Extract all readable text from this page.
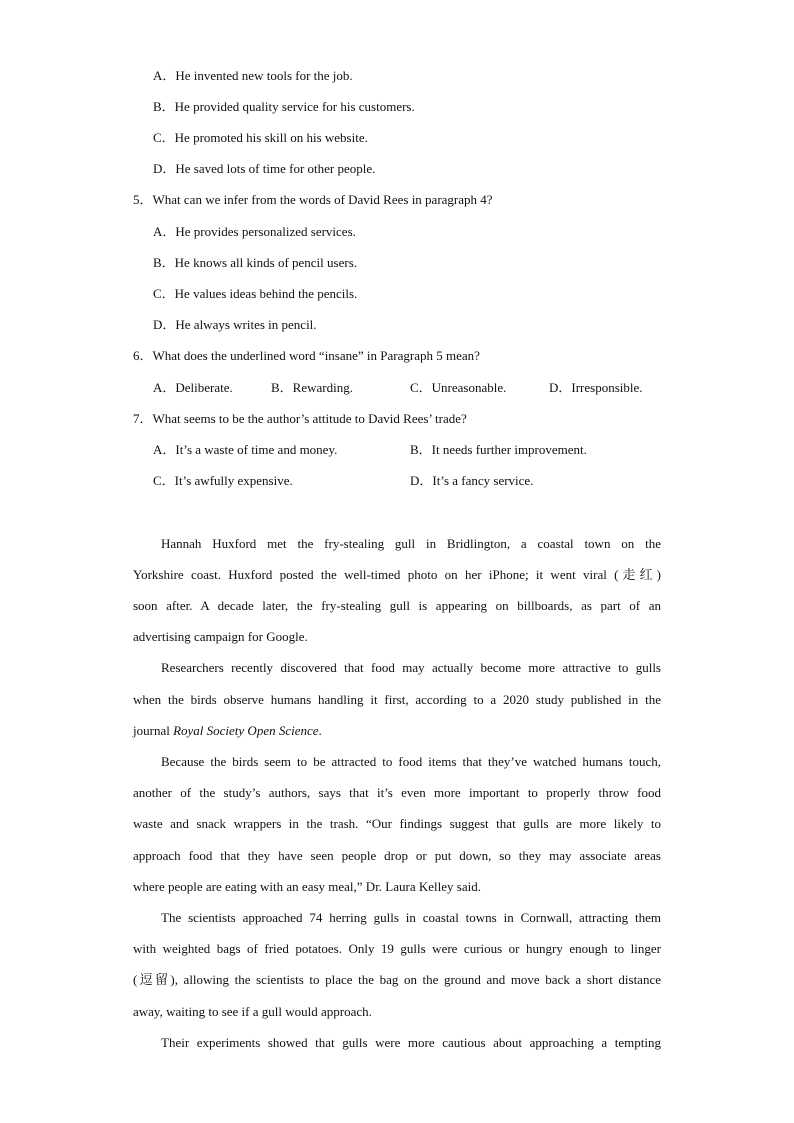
A．He invented new tools for the job.
B．He provided quality service for his customers.
C．He promoted his skill on his website.
D．He saved lots of time for other people.
5．What can we infer from the words of David Rees in paragraph 4?
A．He provides personalized services.
B．He knows all kinds of pencil users.
C．He values ideas behind the pencils.
D．He always writes in pencil.
6．What does the underlined word “insane” in Paragraph 5 mean?
A．Deliberate.	B．Rewarding.	C．Unreasonable.	D．Irresponsible.
7．What seems to be the author’s attitude to David Rees’ trade?
A．It’s a waste of time and money.	B．It needs further improvement.
C．It’s awfully expensive.	D．It’s a fancy service.
Hannah Huxford met the fry-stealing gull in Bridlington, a coastal town on the
Yorkshire coast. Huxford posted the well-timed photo on her iPhone; it went viral (走红)
soon after. A decade later, the fry-stealing gull is appearing on billboards, as part of an
advertising campaign for Google.
Researchers recently discovered that food may actually become more attractive to gulls
when the birds observe humans handling it first, according to a 2020 study published in the
journal Royal Society Open Science.
Because the birds seem to be attracted to food items that they’ve watched humans touch,
another of the study’s authors, says that it’s even more important to properly throw food
waste and snack wrappers in the trash. “Our findings suggest that gulls are more likely to
approach food that they have seen people drop or put down, so they may associate areas
where people are eating with an easy meal,” Dr. Laura Kelley said.
The scientists approached 74 herring gulls in coastal towns in Cornwall, attracting them
with weighted bags of fried potatoes. Only 19 gulls were curious or hungry enough to linger
(逗留), allowing the scientists to place the bag on the ground and move back a short distance
away, waiting to see if a gull would approach.
Their experiments showed that gulls were more cautious about approaching a tempting
